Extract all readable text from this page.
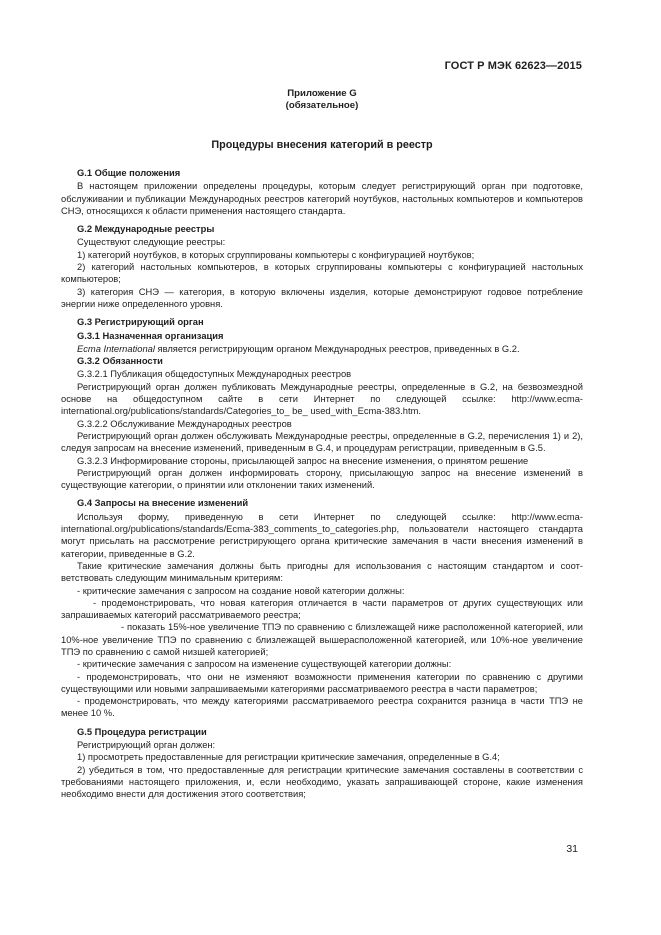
ГОСТ Р МЭК 62623—2015
Приложение G
(обязательное)
Процедуры внесения категорий в реестр
G.1 Общие положения

В настоящем приложении определены процедуры, которым следует регистрирующий орган при подготовке, обслуживании и публикации Международных реестров категорий ноутбуков, настольных компьютеров и компьютеров СНЭ, относящихся к области применения настоящего стандарта.

G.2 Международные реестры

Существуют следующие реестры:

1) категорий ноутбуков, в которых сгруппированы компьютеры с конфигурацией ноутбуков;

2) категорий настольных компьютеров, в которых сгруппированы компьютеры с конфигурацией настольных компьютеров;

3) категория СНЭ — категория, в которую включены изделия, которые демонстрируют годовое потребление энергии ниже определенного уровня.

G.3 Регистрирующий орган
G.3.1 Назначенная организация

Ecma International является регистрирующим органом Международных реестров, приведенных в G.2.

G.3.2 Обязанности

G.3.2.1 Публикация общедоступных Международных реестров

Регистрирующий орган должен публиковать Международные реестры, определенные в G.2, на безвозмездной основе на общедоступном сайте в сети Интернет по следующей ссылке: http://www.ecma-international.org/publications/standards/Categories_to_ be_ used_with_Ecma-383.htm.

G.3.2.2 Обслуживание Международных реестров

Регистрирующий орган должен обслуживать Международные реестры, определенные в G.2, перечисления 1) и 2), следуя запросам на внесение изменений, приведенным в G.4, и процедурам регистрации, приведенным в G.5.

G.3.2.3 Информирование стороны, присылающей запрос на внесение изменения, о принятом решение

Регистрирующий орган должен информировать сторону, присылающую запрос на внесение изменений в существующие категории, о принятии или отклонении таких изменений.

G.4 Запросы на внесение изменений

Используя форму, приведенную в сети Интернет по следующей ссылке: http://www.ecma-international.org/publications/standards/Ecma-383_comments_to_categories.php, пользователи настоящего стандарта могут присьлать на рассмотрение регистрирующего органа критические замечания в части внесения изменений в категории, приведенные в G.2.

Такие критические замечания должны быть пригодны для использования с настоящим стандартом и соответствовать следующим минимальным критериям:

- критические замечания с запросом на создание новой категории должны:

- продемонстрировать, что новая категория отличается в части параметров от других существующих или запрашиваемых категорий рассматриваемого реестра;

- показать 15%-ное увеличение ТПЭ по сравнению с близлежащей ниже расположенной категорией, или 10%-ное увеличение ТПЭ по сравнению с близлежащей вышерасположенной категорией, или 10%-ное увеличение ТПЭ по сравнению с самой низшей категорией;

- критические замечания с запросом на изменение существующей категории должны:

- продемонстрировать, что они не изменяют возможности применения категории по сравнению с другими существующими или новыми запрашиваемыми категориями рассматриваемого реестра в части параметров;

- продемонстрировать, что между категориями рассматриваемого реестра сохранится разница в части ТПЭ не менее 10 %.

G.5 Процедура регистрации

Регистрирующий орган должен:

1) просмотреть предоставленные для регистрации критические замечания, определенные в G.4;

2) убедиться в том, что предоставленные для регистрации критические замечания составлены в соответствии с требованиями настоящего приложения, и, если необходимо, указать запрашивающей стороне, какие изменения необходимо внести для достижения этого соответствия;

31
